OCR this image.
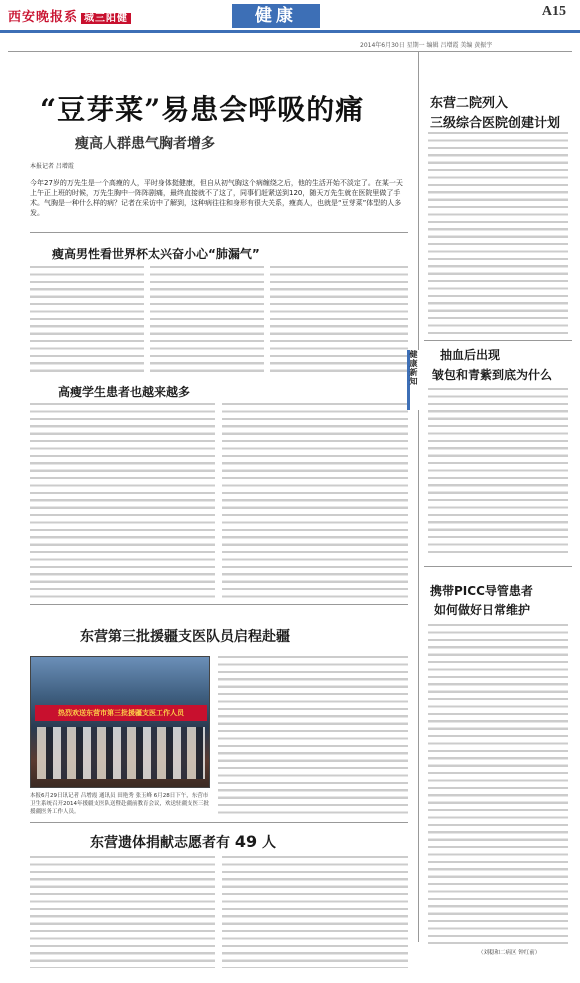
西安晚报系 城三阳健	健康	A15
2014年6月30日 星期一 编辑 吕增霞 美编 黄振宇
“豆芽菜”易患会呼吸的痛
瘦高人群患气胸者增多
本报记者 吕增霞
今年27岁的万先生是一个高瘦的人，平时身体挺健康，但自从初气胸这个病缠绕之后，他的生活开始不淡定了。在某一天上午正上班的时候，万先生胸中一阵阵剧痛，最终直接就不了这了，同事们赶紧送到120，随天万先生就在医院里做了手术。气胸是一种什么样的病？记者在采访中了解到，这种病往往和身形有很大关系，瘦高人，也就是“豆芽菜”体型的人多发。
瘦高男性看世界杯太兴奋小心“肺漏气”
高瘦学生患者也越来越多
东营第三批援疆支医队员启程赴疆
热烈欢送东营市第三批援疆支医工作人员
本报6月29日讯记者 吕增霞 通讯员 田艳秀 张玉峰 6月28日下午，东营市卫生系统召开2014年援疆支医队送暨赴疆前教育会议，欢送驻疆支医三批援疆医务工作人员。
东营遗体捐献志愿者有 49 人
东营二院列入
三级综合医院创建计划
健康新知 抽血后出现
皱包和青紫到底为什么
携带PICC导管患者
如何做好日常维护
（刘稳和二病区 钟红前）
